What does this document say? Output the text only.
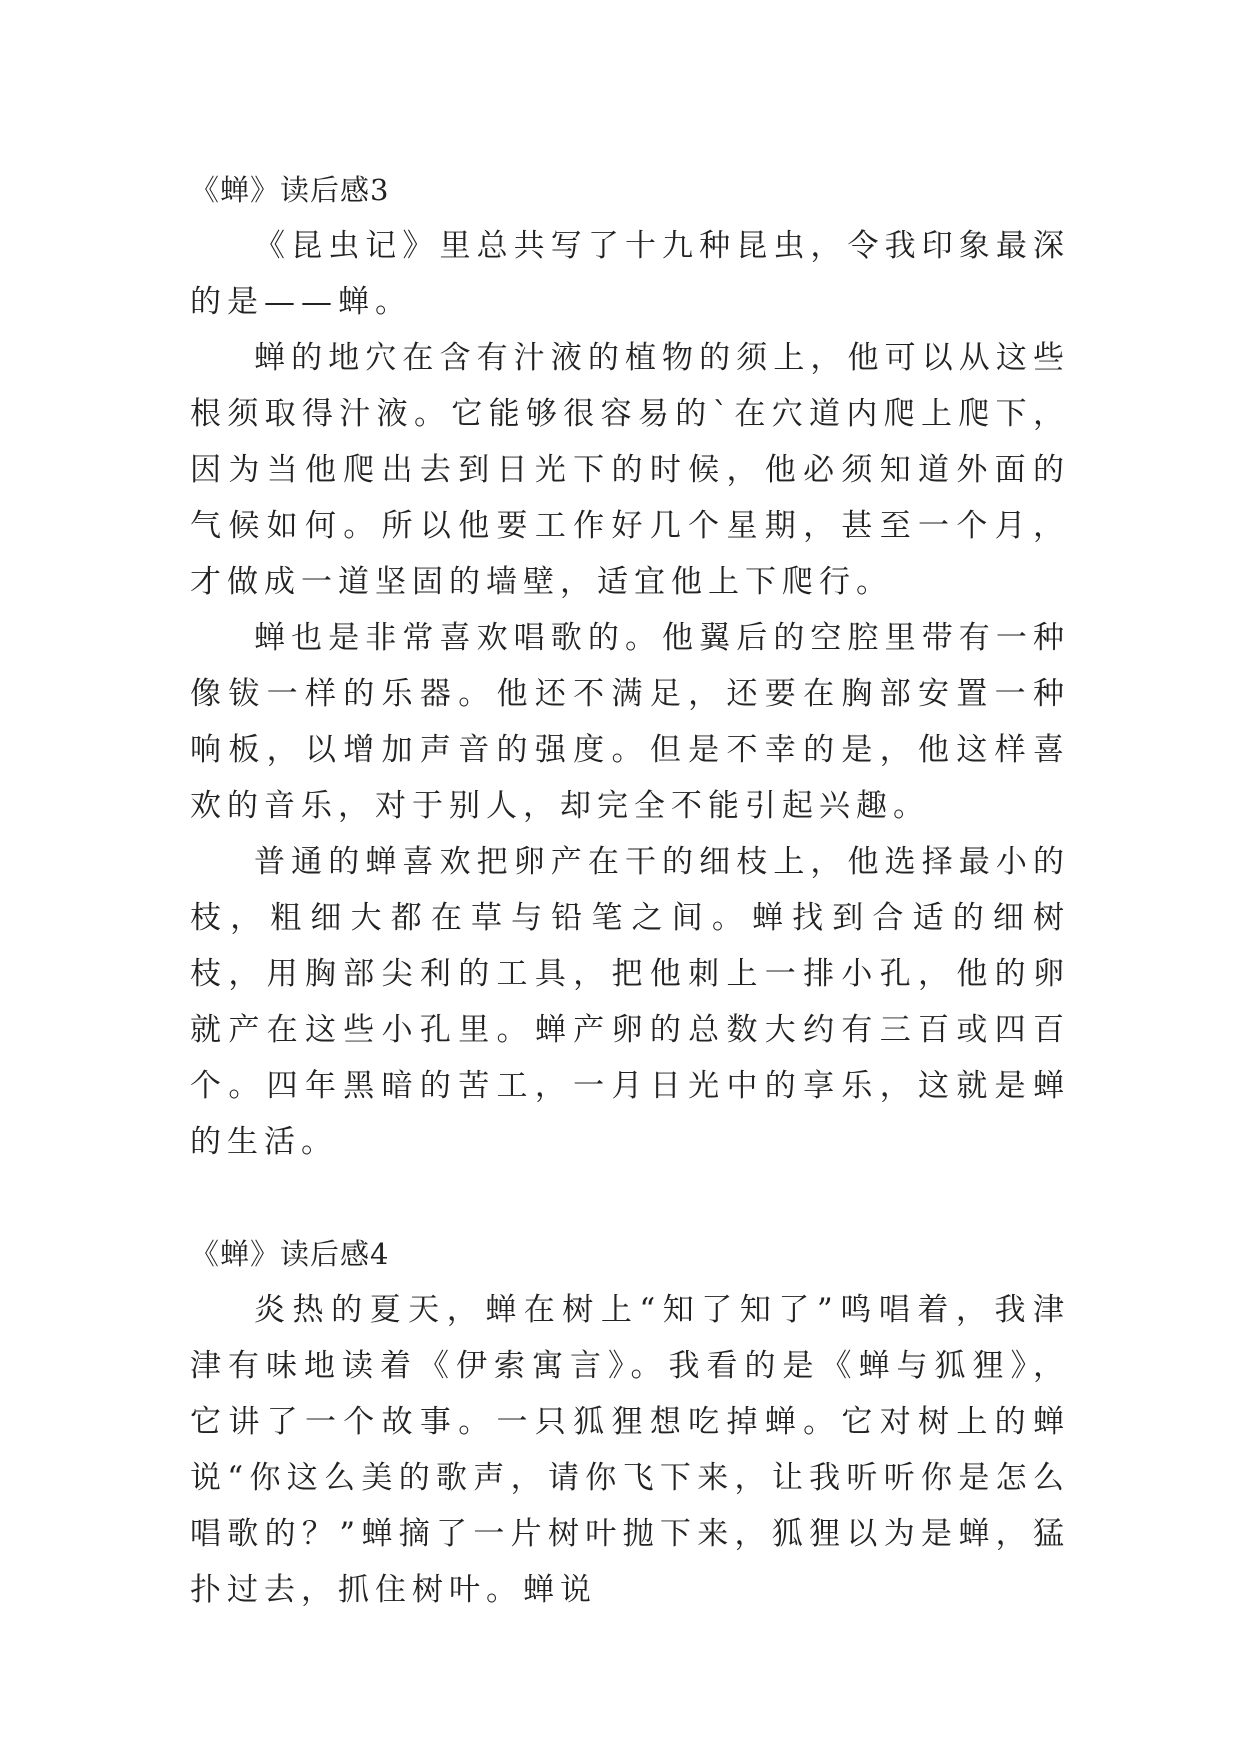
《蝉》读后感3

《昆虫记》里总共写了十九种昆虫，令我印象最深的是——蝉。

蝉的地穴在含有汁液的植物的须上，他可以从这些根须取得汁液。它能够很容易的`在穴道内爬上爬下，因为当他爬出去到日光下的时候，他必须知道外面的气候如何。所以他要工作好几个星期，甚至一个月，才做成一道坚固的墙壁，适宜他上下爬行。

蝉也是非常喜欢唱歌的。他翼后的空腔里带有一种像钹一样的乐器。他还不满足，还要在胸部安置一种响板，以增加声音的强度。但是不幸的是，他这样喜欢的音乐，对于别人，却完全不能引起兴趣。

普通的蝉喜欢把卵产在干的细枝上，他选择最小的枝，粗细大都在草与铅笔之间。蝉找到合适的细树枝，用胸部尖利的工具，把他刺上一排小孔，他的卵就产在这些小孔里。蝉产卵的总数大约有三百或四百个。四年黑暗的苦工，一月日光中的享乐，这就是蝉的生活。

《蝉》读后感4

炎热的夏天，蝉在树上“知了知了”鸣唱着，我津津有味地读着《伊索寓言》。我看的是《蝉与狐狸》，它讲了一个故事。一只狐狸想吃掉蝉。它对树上的蝉说“你这么美的歌声，请你飞下来，让我听听你是怎么唱歌的？”蝉摘了一片树叶抛下来，狐狸以为是蝉，猛扑过去，抓住树叶。蝉说
